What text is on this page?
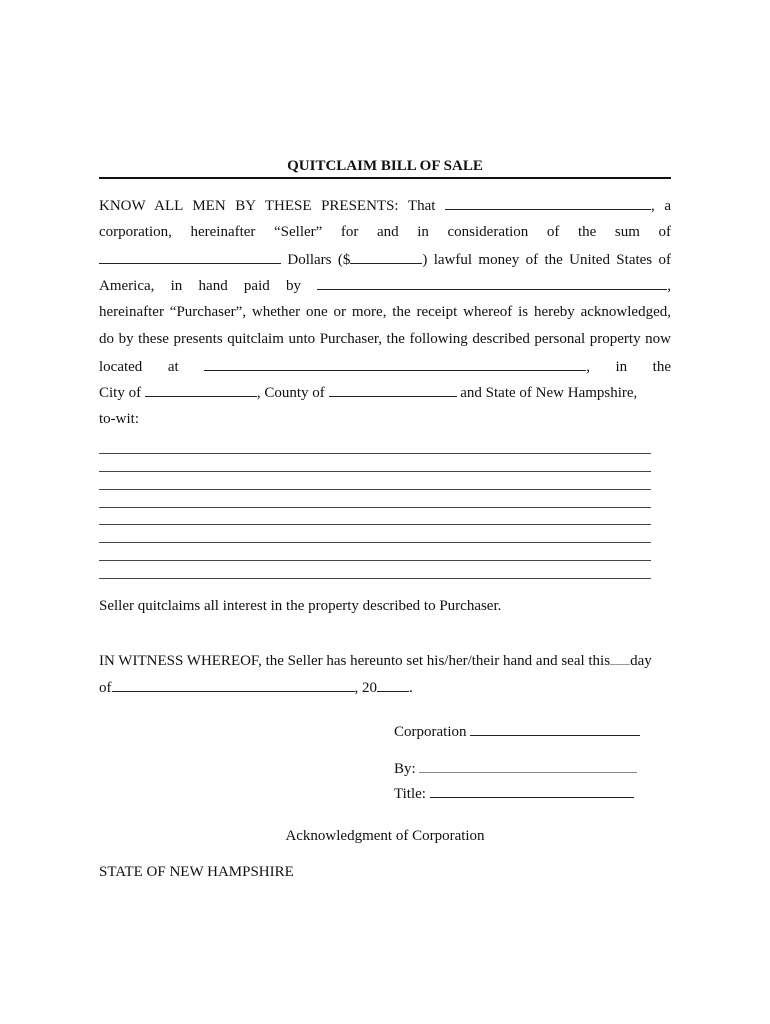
QUITCLAIM BILL OF SALE
KNOW ALL MEN BY THESE PRESENTS: That	, a
corporation, hereinafter “Seller” for and in consideration of the sum of
Dollars ($	) lawful money of the United States of
America, in hand paid by	,
hereinafter “Purchaser”, whether one or more, the receipt whereof is hereby acknowledged,
do by these presents quitclaim unto Purchaser, the following described personal property now
located at	, in the
City of	, County of	and State of New Hampshire,
to-wit:
Seller quitclaims all interest in the property described to Purchaser.
IN WITNESS WHEREOF, the Seller has hereunto set his/her/their hand and seal this day
of	, 20 .
Corporation
By:
Title:
Acknowledgment of Corporation
STATE OF NEW HAMPSHIRE
